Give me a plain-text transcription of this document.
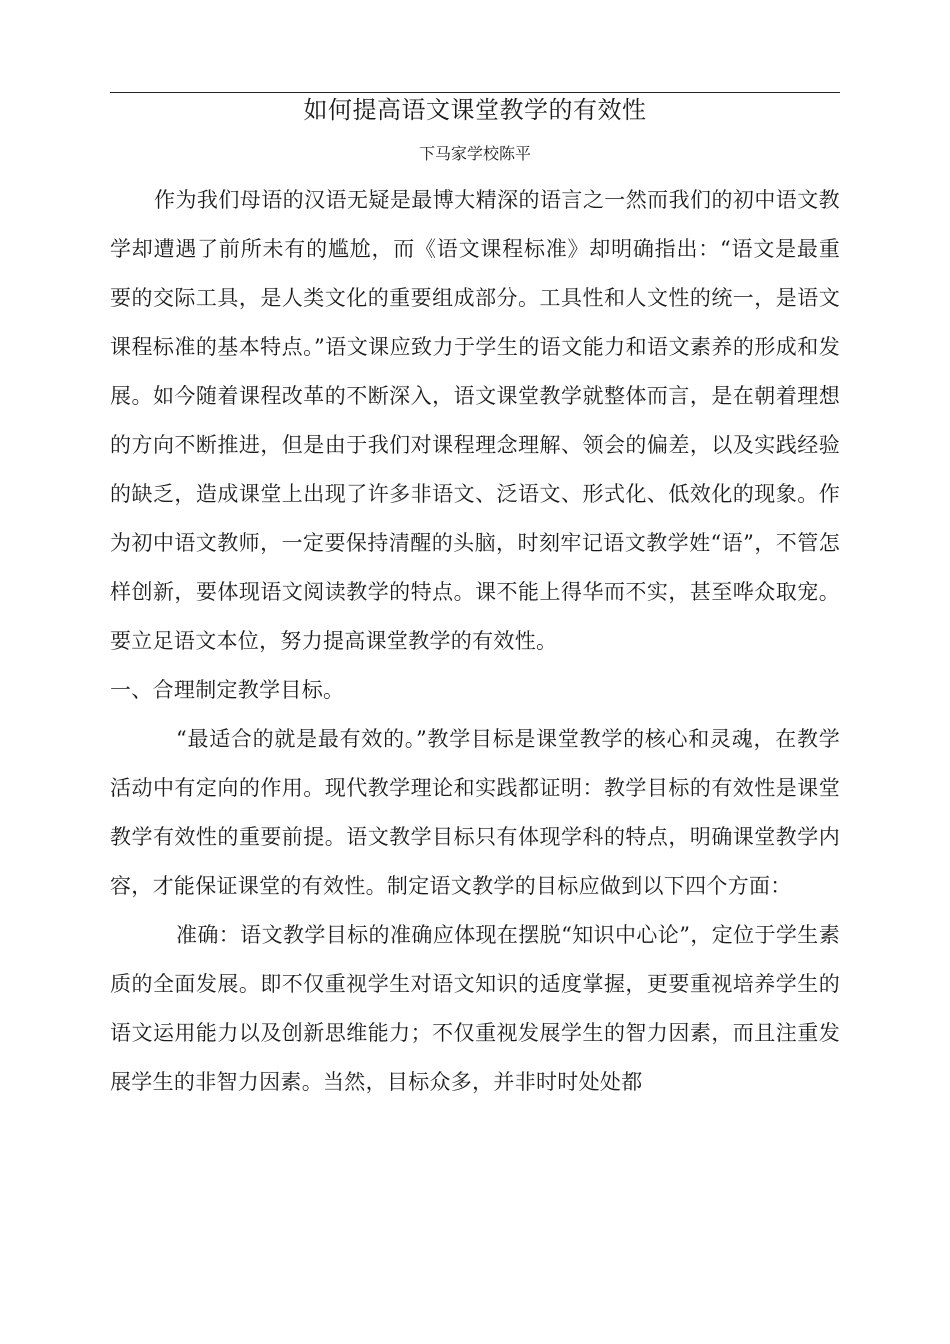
如何提高语文课堂教学的有效性
下马家学校陈平

作为我们母语的汉语无疑是最博大精深的语言之一然而我们的初中语文教学却遭遇了前所未有的尴尬，而《语文课程标准》却明确指出：“语文是最重要的交际工具，是人类文化的重要组成部分。工具性和人文性的统一，是语文课程标准的基本特点。”语文课应致力于学生的语文能力和语文素养的形成和发展。如今随着课程改革的不断深入，语文课堂教学就整体而言，是在朝着理想的方向不断推进，但是由于我们对课程理念理解、领会的偏差，以及实践经验的缺乏，造成课堂上出现了许多非语文、泛语文、形式化、低效化的现象。作为初中语文教师，一定要保持清醒的头脑，时刻牢记语文教学姓“语”，不管怎样创新，要体现语文阅读教学的特点。课不能上得华而不实，甚至哗众取宠。要立足语文本位，努力提高课堂教学的有效性。

一、合理制定教学目标。

“最适合的就是最有效的。”教学目标是课堂教学的核心和灵魂，在教学活动中有定向的作用。现代教学理论和实践都证明：教学目标的有效性是课堂教学有效性的重要前提。语文教学目标只有体现学科的特点，明确课堂教学内容，才能保证课堂的有效性。制定语文教学的目标应做到以下四个方面：

准确：语文教学目标的准确应体现在摆脱“知识中心论”，定位于学生素质的全面发展。即不仅重视学生对语文知识的适度掌握，更要重视培养学生的语文运用能力以及创新思维能力；不仅重视发展学生的智力因素，而且注重发展学生的非智力因素。当然，目标众多，并非时时处处都
